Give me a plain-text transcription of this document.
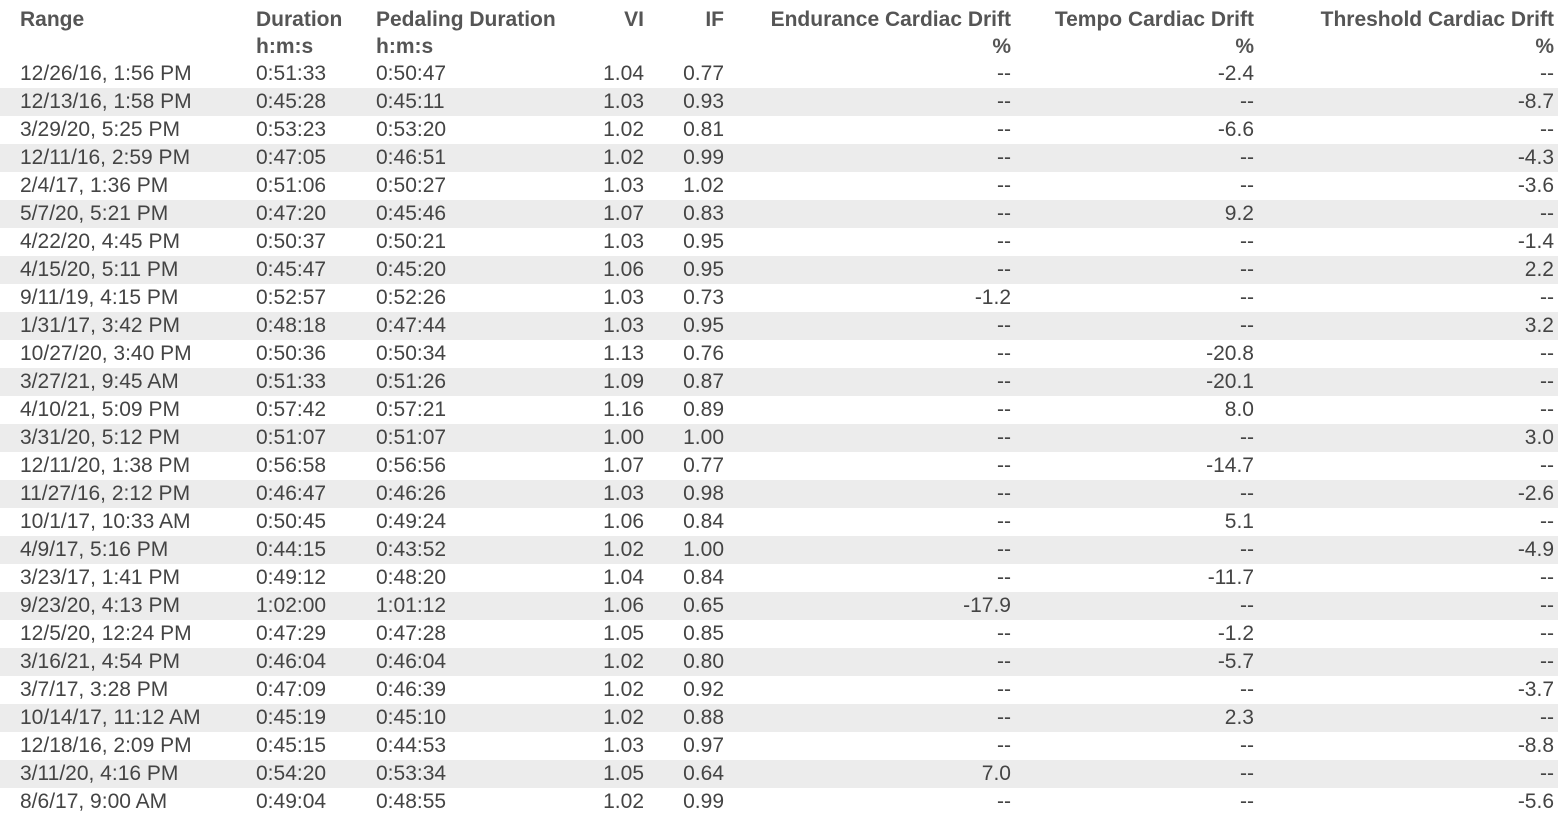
Range	Duration	Pedaling Duration	VI	IF	Endurance Cardiac Drift	Tempo Cardiac Drift	Threshold Cardiac Drift
	h:m:s	h:m:s			%	%	%
12/26/16, 1:56 PM	0:51:33	0:50:47	1.04	0.77	--	-2.4	--
12/13/16, 1:58 PM	0:45:28	0:45:11	1.03	0.93	--	--	-8.7
3/29/20, 5:25 PM	0:53:23	0:53:20	1.02	0.81	--	-6.6	--
12/11/16, 2:59 PM	0:47:05	0:46:51	1.02	0.99	--	--	-4.3
2/4/17, 1:36 PM	0:51:06	0:50:27	1.03	1.02	--	--	-3.6
5/7/20, 5:21 PM	0:47:20	0:45:46	1.07	0.83	--	9.2	--
4/22/20, 4:45 PM	0:50:37	0:50:21	1.03	0.95	--	--	-1.4
4/15/20, 5:11 PM	0:45:47	0:45:20	1.06	0.95	--	--	2.2
9/11/19, 4:15 PM	0:52:57	0:52:26	1.03	0.73	-1.2	--	--
1/31/17, 3:42 PM	0:48:18	0:47:44	1.03	0.95	--	--	3.2
10/27/20, 3:40 PM	0:50:36	0:50:34	1.13	0.76	--	-20.8	--
3/27/21, 9:45 AM	0:51:33	0:51:26	1.09	0.87	--	-20.1	--
4/10/21, 5:09 PM	0:57:42	0:57:21	1.16	0.89	--	8.0	--
3/31/20, 5:12 PM	0:51:07	0:51:07	1.00	1.00	--	--	3.0
12/11/20, 1:38 PM	0:56:58	0:56:56	1.07	0.77	--	-14.7	--
11/27/16, 2:12 PM	0:46:47	0:46:26	1.03	0.98	--	--	-2.6
10/1/17, 10:33 AM	0:50:45	0:49:24	1.06	0.84	--	5.1	--
4/9/17, 5:16 PM	0:44:15	0:43:52	1.02	1.00	--	--	-4.9
3/23/17, 1:41 PM	0:49:12	0:48:20	1.04	0.84	--	-11.7	--
9/23/20, 4:13 PM	1:02:00	1:01:12	1.06	0.65	-17.9	--	--
12/5/20, 12:24 PM	0:47:29	0:47:28	1.05	0.85	--	-1.2	--
3/16/21, 4:54 PM	0:46:04	0:46:04	1.02	0.80	--	-5.7	--
3/7/17, 3:28 PM	0:47:09	0:46:39	1.02	0.92	--	--	-3.7
10/14/17, 11:12 AM	0:45:19	0:45:10	1.02	0.88	--	2.3	--
12/18/16, 2:09 PM	0:45:15	0:44:53	1.03	0.97	--	--	-8.8
3/11/20, 4:16 PM	0:54:20	0:53:34	1.05	0.64	7.0	--	--
8/6/17, 9:00 AM	0:49:04	0:48:55	1.02	0.99	--	--	-5.6
